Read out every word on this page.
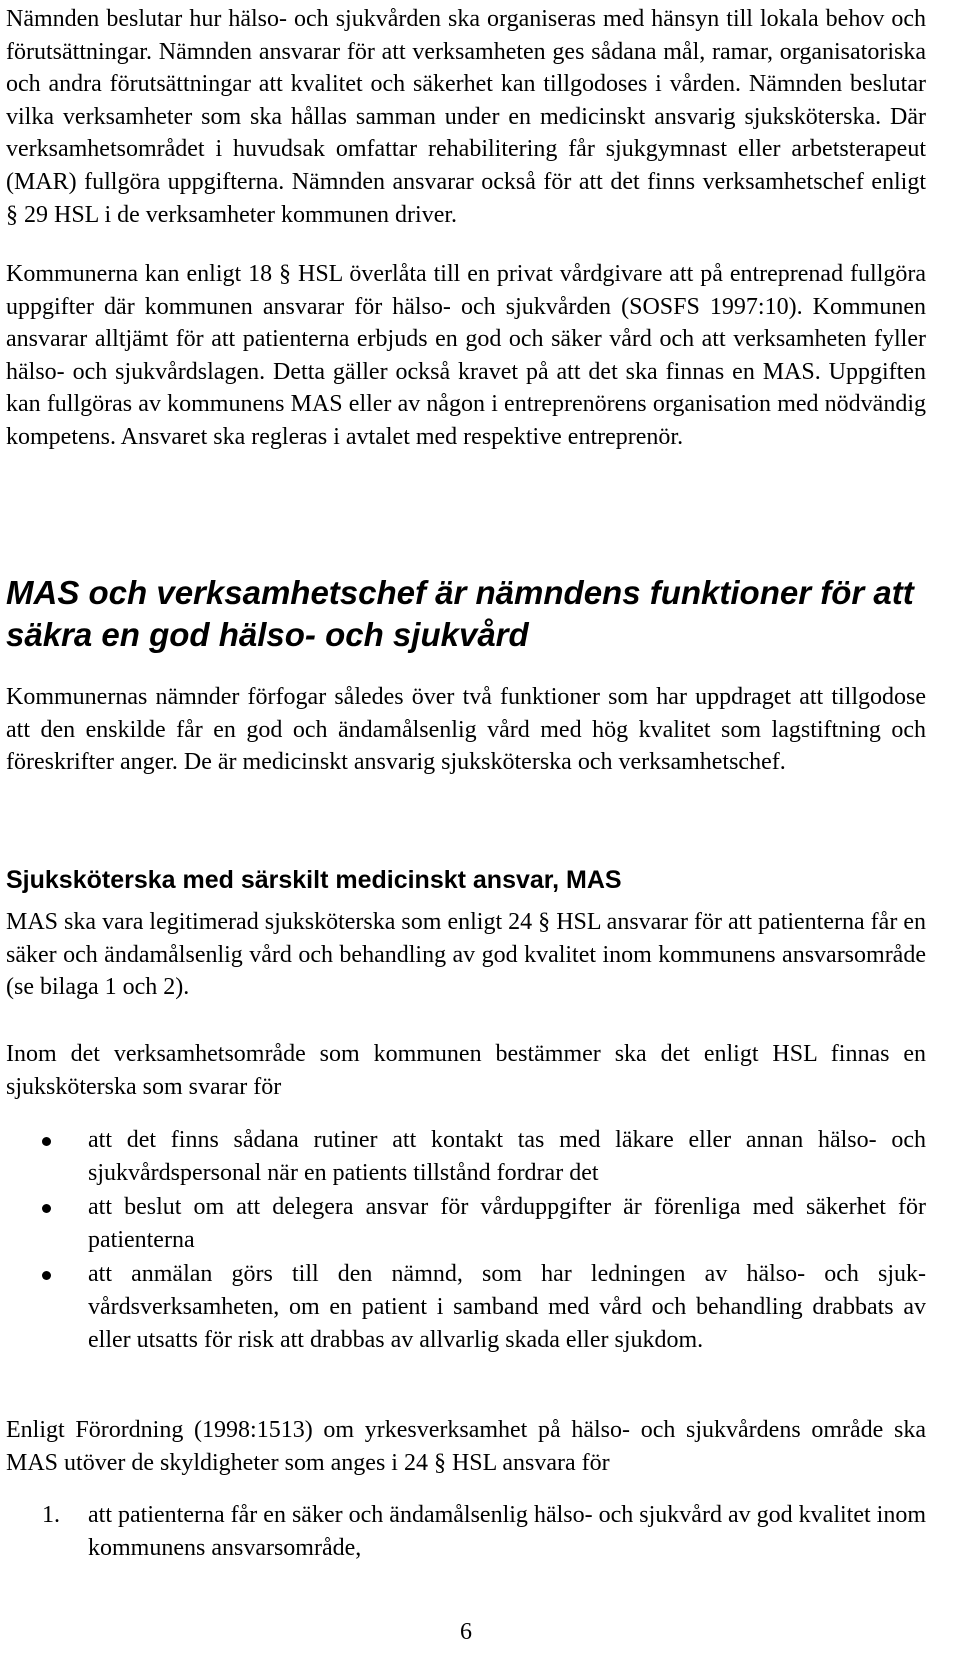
Nämnden beslutar hur hälso- och sjukvården ska organiseras med hänsyn till lokala behov och förutsättningar. Nämnden ansvarar för att verksamheten ges sådana mål, ramar, organisatoriska och andra förutsättningar att kvalitet och säkerhet kan tillgodoses i vården. Nämnden beslutar vilka verksamheter som ska hållas samman under en medicinskt ansvarig sjuksköterska. Där verksamhetsområdet i huvudsak omfattar rehabilitering får sjukgymnast eller arbetsterapeut (MAR) fullgöra uppgifterna. Nämnden ansvarar också för att det finns verksamhetschef enligt § 29 HSL i de verksamheter kommunen driver.

Kommunerna kan enligt 18 § HSL överlåta till en privat vårdgivare att på entreprenad fullgöra uppgifter där kommunen ansvarar för hälso- och sjukvården (SOSFS 1997:10). Kommunen ansvarar alltjämt för att patienterna erbjuds en god och säker vård och att verksamheten fyller hälso- och sjukvårdslagen. Detta gäller också kravet på att det ska finnas en MAS. Uppgiften kan fullgöras av kommunens MAS eller av någon i entreprenörens organisation med nödvändig kompetens. Ansvaret ska regleras i avtalet med respektive entreprenör.

MAS och verksamhetschef är nämndens funktioner för att säkra en god hälso- och sjukvård

Kommunernas nämnder förfogar således över två funktioner som har uppdraget att tillgodose att den enskilde får en god och ändamålsenlig vård med hög kvalitet som lagstiftning och föreskrifter anger. De är medicinskt ansvarig sjuksköterska och verksamhetschef.

Sjuksköterska med särskilt medicinskt ansvar, MAS

MAS ska vara legitimerad sjuksköterska som enligt 24 § HSL ansvarar för att patienterna får en säker och ändamålsenlig vård och behandling av god kvalitet inom kommunens ansvarsområde (se bilaga 1 och 2).

Inom det verksamhetsområde som kommunen bestämmer ska det enligt HSL finnas en sjuksköterska som svarar för

att det finns sådana rutiner att kontakt tas med läkare eller annan hälso- och sjukvårdspersonal när en patients tillstånd fordrar det
att beslut om att delegera ansvar för vårduppgifter är förenliga med säkerhet för patienterna
att anmälan görs till den nämnd, som har ledningen av hälso- och sjukvårdsverksamheten, om en patient i samband med vård och behandling drabbats av eller utsatts för risk att drabbas av allvarlig skada eller sjukdom.

Enligt Förordning (1998:1513) om yrkesverksamhet på hälso- och sjukvårdens område ska MAS utöver de skyldigheter som anges i 24 § HSL ansvara för

1. att patienterna får en säker och ändamålsenlig hälso- och sjukvård av god kvalitet inom kommunens ansvarsområde,

6
